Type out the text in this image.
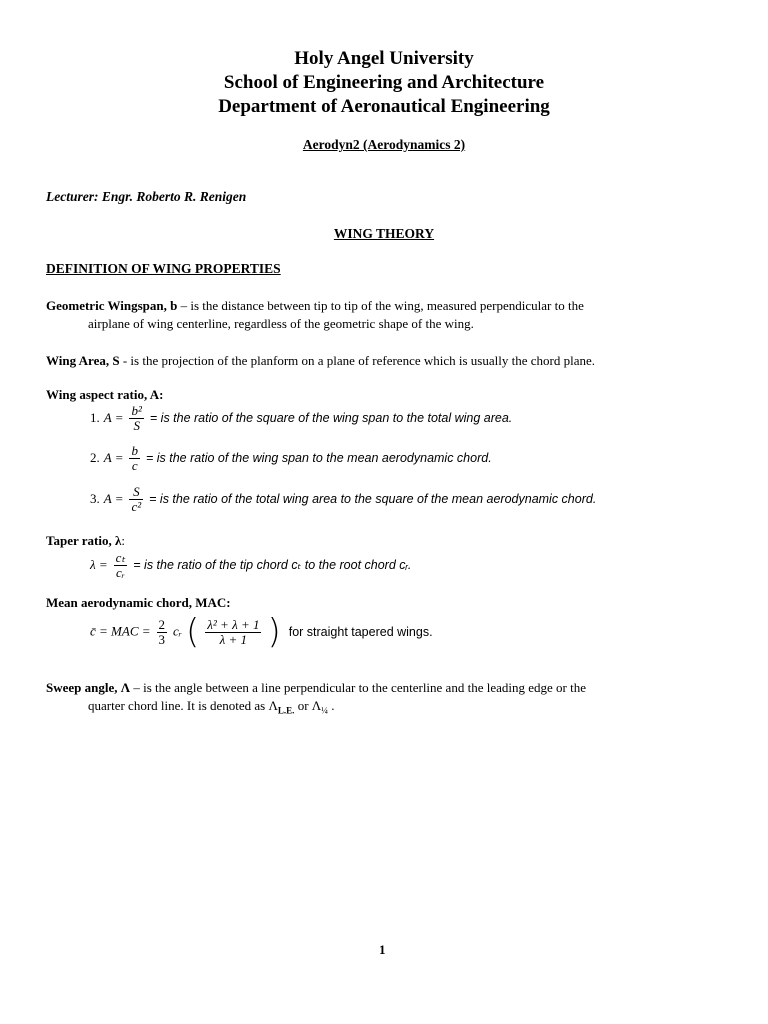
Holy Angel University
School of Engineering and Architecture
Department of Aeronautical Engineering
Aerodyn2 (Aerodynamics 2)
Lecturer: Engr. Roberto R. Renigen
WING THEORY
DEFINITION OF WING PROPERTIES
Geometric Wingspan, b – is the distance between tip to tip of the wing, measured perpendicular to the
airplane of wing centerline, regardless of the geometric shape of the wing.
Wing Area, S - is the projection of the planform on a plane of reference which is usually the chord plane.
Wing aspect ratio, A:
1. $A = \frac{\text{b²}}{S}$ = is the ratio of the square of the wing span to the total wing area.
2. $A = \frac{b}{c}$ = is the ratio of the wing span to the mean aerodynamic chord.
3. $A = \frac{S}{\text{c²}}$ = is the ratio of the total wing area to the square of the mean aerodynamic chord.
Taper ratio, λ:
$\lambda = \frac{\text{cₜ}}{\text{cᵣ}}$ = is the ratio of the tip chord cₜ to the root chord cᵣ.
Mean aerodynamic chord, MAC:
c̄ = MAC = $\frac{2}{3}$ cᵣ ( $\frac{\text{λ² + λ + 1}}{\lambda + 1}$ ) for straight tapered wings.
Sweep angle, Λ – is the angle between a line perpendicular to the centerline and the leading edge or the
quarter chord line. It is denoted as $\Lambda_{L.E.}$ or $\Lambda_{\frac{1}{4}}$ .
1
